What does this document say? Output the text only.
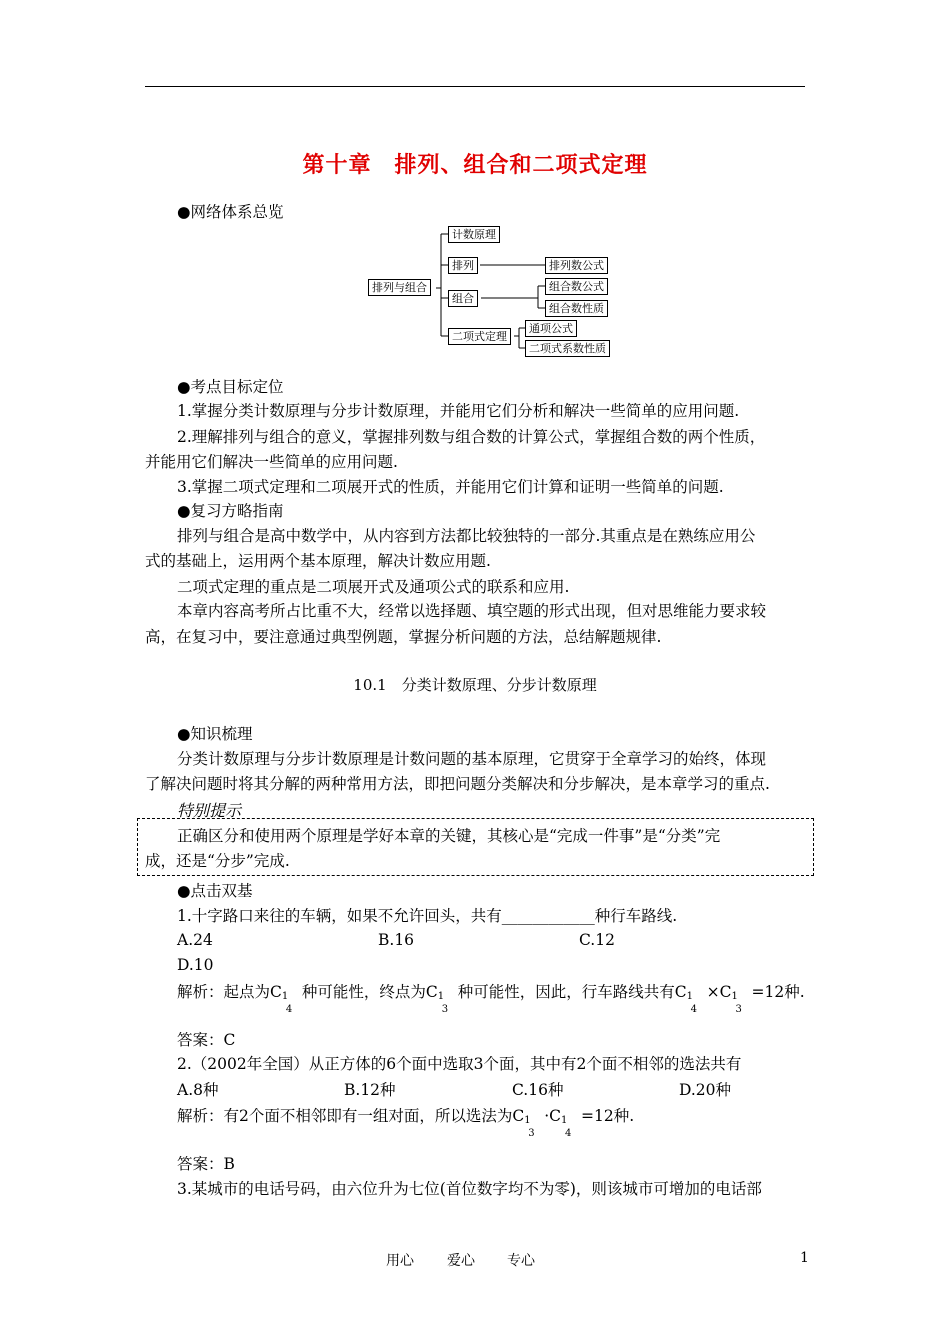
第十章　排列、组合和二项式定理
●网络体系总览
排列与组合
计数原理
排列	排列数公式
组合
组合数公式
组合数性质
二项式定理
通项公式
二项式系数性质
●考点目标定位
1.掌握分类计数原理与分步计数原理，并能用它们分析和解决一些简单的应用问题.
2.理解排列与组合的意义，掌握排列数与组合数的计算公式，掌握组合数的两个性质，
并能用它们解决一些简单的应用问题.
3.掌握二项式定理和二项展开式的性质，并能用它们计算和证明一些简单的问题.
●复习方略指南
排列与组合是高中数学中，从内容到方法都比较独特的一部分.其重点是在熟练应用公
式的基础上，运用两个基本原理，解决计数应用题.
二项式定理的重点是二项展开式及通项公式的联系和应用.
本章内容高考所占比重不大，经常以选择题、填空题的形式出现，但对思维能力要求较
高，在复习中，要注意通过典型例题，掌握分析问题的方法，总结解题规律.
10.1　分类计数原理、分步计数原理
●知识梳理
分类计数原理与分步计数原理是计数问题的基本原理，它贯穿于全章学习的始终，体现
了解决问题时将其分解的两种常用方法，即把问题分类解决和分步解决，是本章学习的重点.
特别提示
正确区分和使用两个原理是学好本章的关键，其核心是“完成一件事”是“分类”完
成，还是“分步”完成.
●点击双基
1.十字路口来往的车辆，如果不允许回头，共有____________种行车路线.
A.24	B.16	C.12
D.10
解析：起点为C1
4
种可能性，终点为C1
3
种可能性，因此，行车路线共有C1
4
×C1
3
=12种.
答案：C
2.（2002年全国）从正方体的6个面中选取3个面，其中有2个面不相邻的选法共有
A.8种	B.12种	C.16种	D.20种
解析：有2个面不相邻即有一组对面，所以选法为C1
3
·C1
4
=12种.
答案：B
3.某城市的电话号码，由六位升为七位(首位数字均不为零)，则该城市可增加的电话部
用心 爱心 专心	1
